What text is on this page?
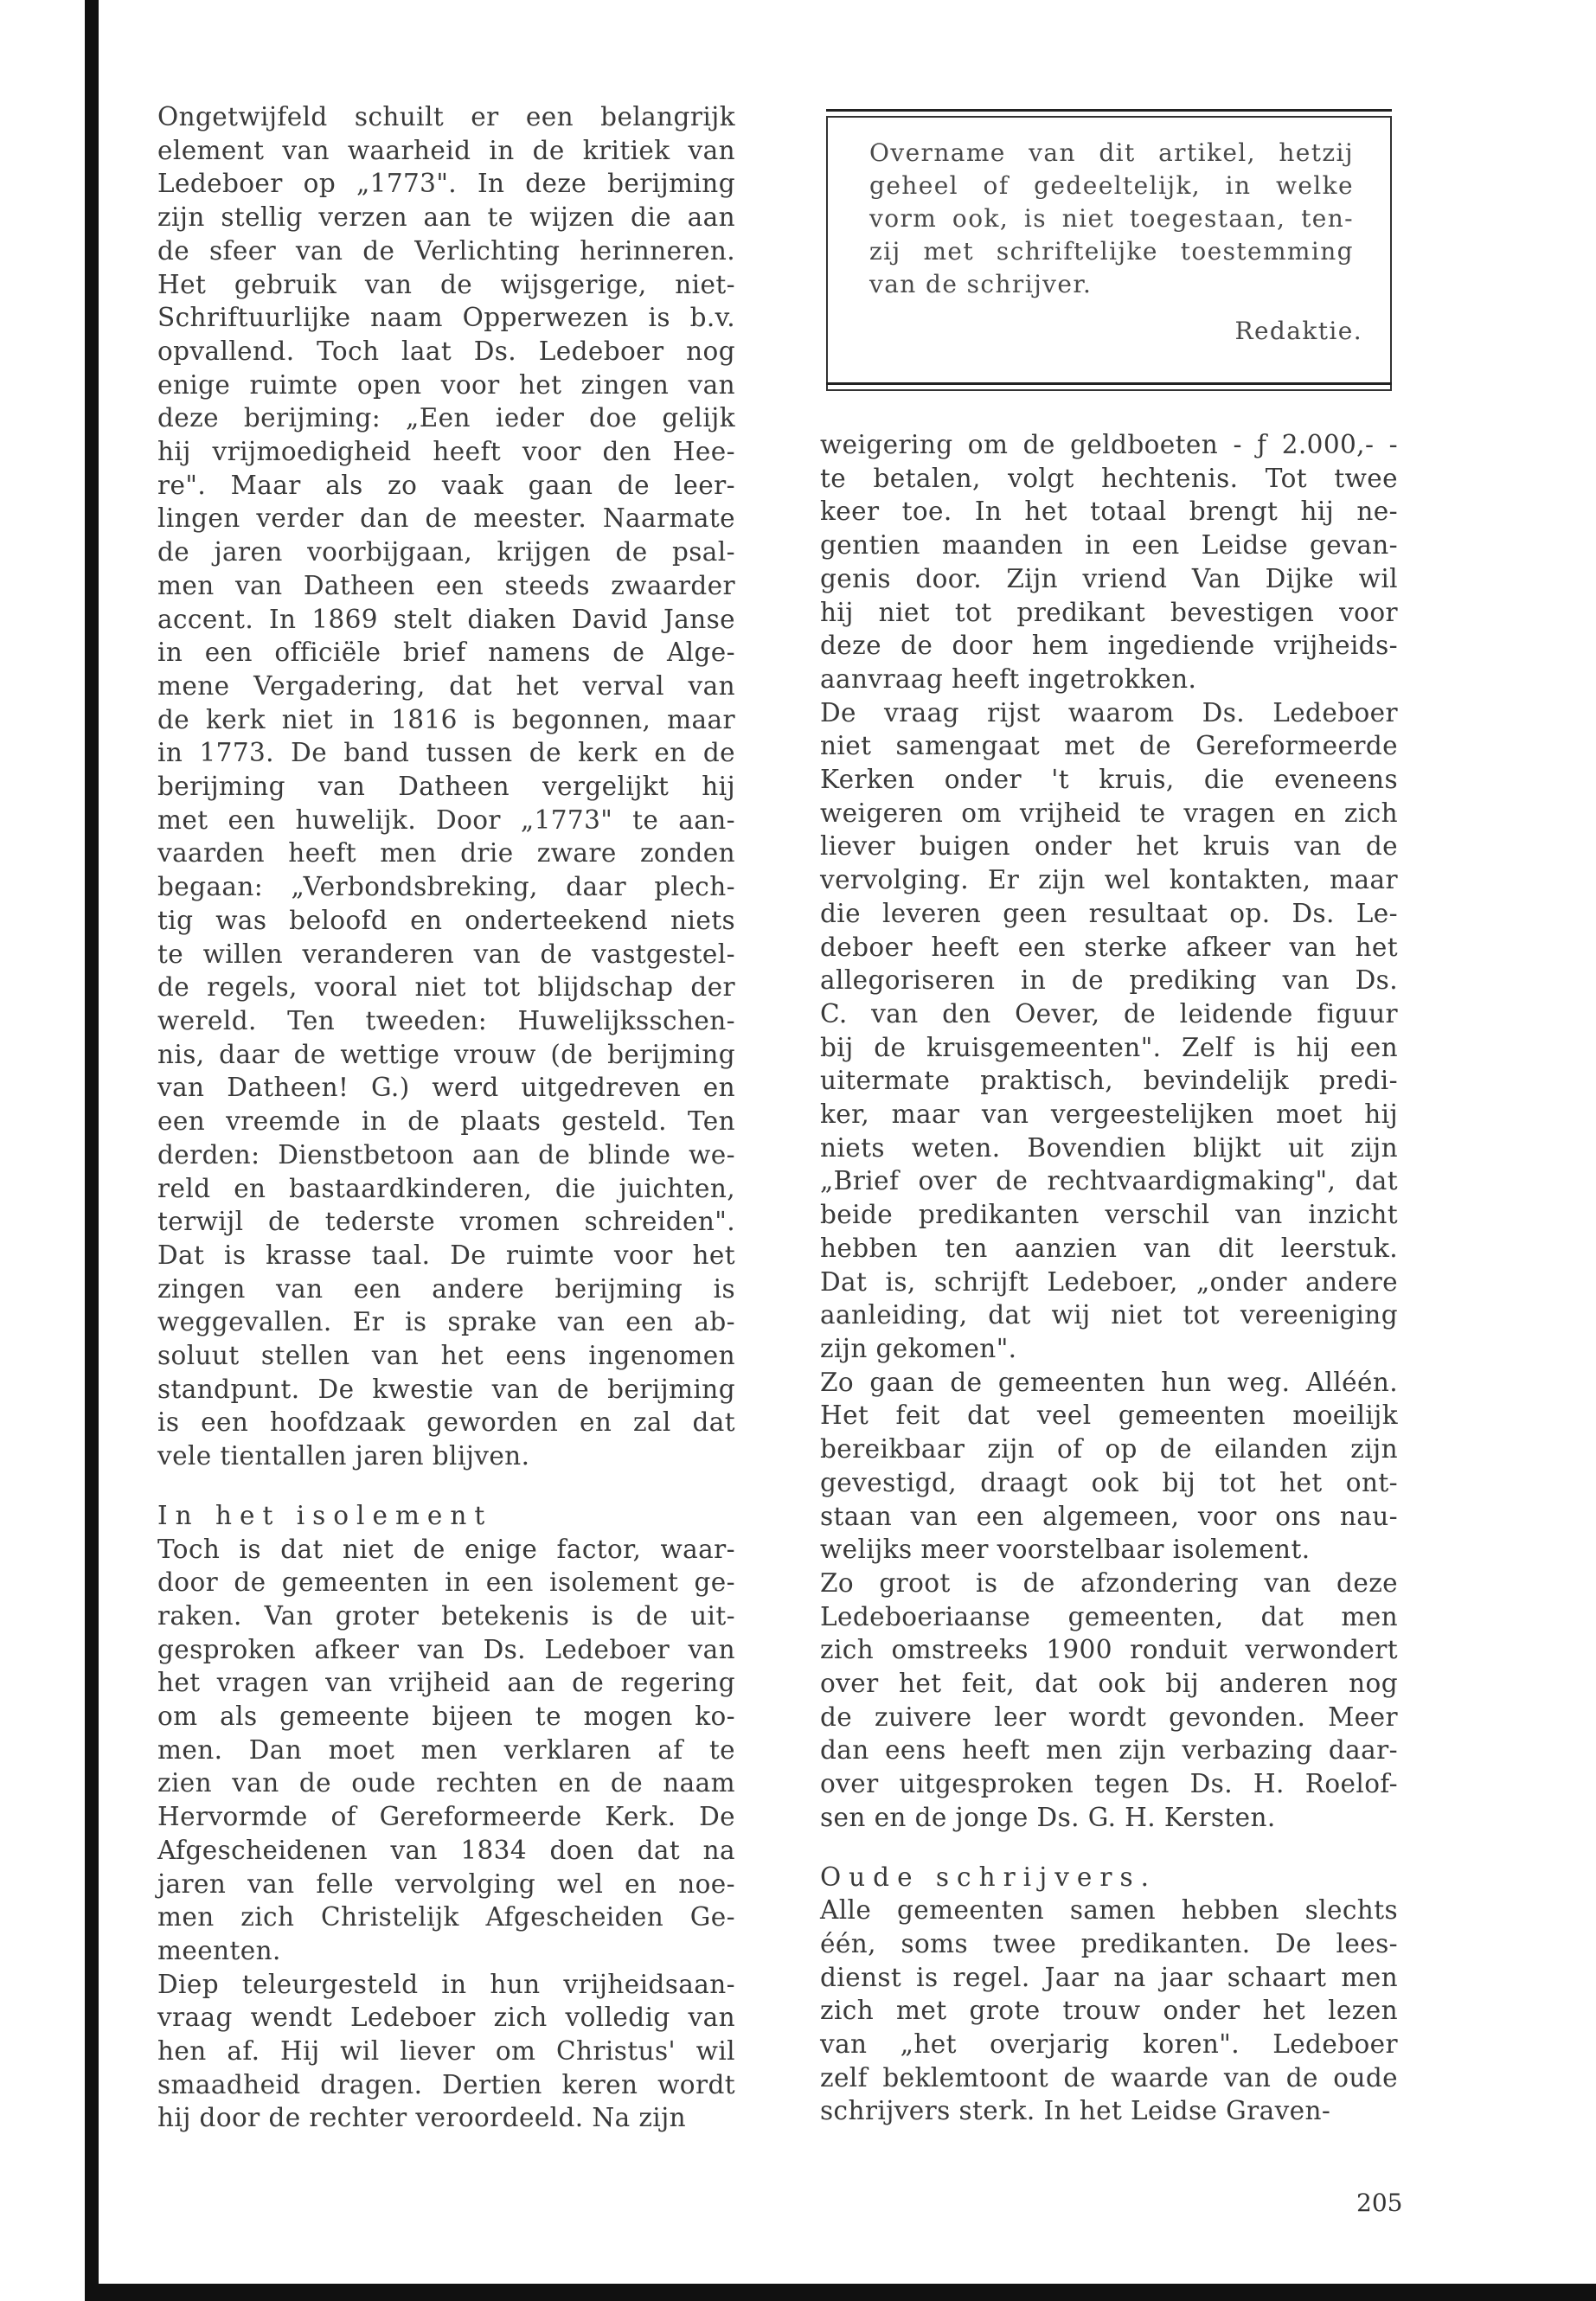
Ongetwijfeld schuilt er een belangrijk
element van waarheid in de kritiek van
Ledeboer op „1773". In deze berijming
zijn stellig verzen aan te wijzen die aan
de sfeer van de Verlichting herinneren.
Het gebruik van de wijsgerige, niet-
Schriftuurlijke naam Opperwezen is b.v.
opvallend. Toch laat Ds. Ledeboer nog
enige ruimte open voor het zingen van
deze berijming: „Een ieder doe gelijk
hij vrijmoedigheid heeft voor den Hee-
re". Maar als zo vaak gaan de leer-
lingen verder dan de meester. Naarmate
de jaren voorbijgaan, krijgen de psal-
men van Datheen een steeds zwaarder
accent. In 1869 stelt diaken David Janse
in een officiële brief namens de Alge-
mene Vergadering, dat het verval van
de kerk niet in 1816 is begonnen, maar
in 1773. De band tussen de kerk en de
berijming van Datheen vergelijkt hij
met een huwelijk. Door „1773" te aan-
vaarden heeft men drie zware zonden
begaan: „Verbondsbreking, daar plech-
tig was beloofd en onderteekend niets
te willen veranderen van de vastgestel-
de regels, vooral niet tot blijdschap der
wereld. Ten tweeden: Huwelijksschen-
nis, daar de wettige vrouw (de berijming
van Datheen! G.) werd uitgedreven en
een vreemde in de plaats gesteld. Ten
derden: Dienstbetoon aan de blinde we-
reld en bastaardkinderen, die juichten,
terwijl de tederste vromen schreiden".
Dat is krasse taal. De ruimte voor het
zingen van een andere berijming is
weggevallen. Er is sprake van een ab-
soluut stellen van het eens ingenomen
standpunt. De kwestie van de berijming
is een hoofdzaak geworden en zal dat
vele tientallen jaren blijven.
In het isolement
Toch is dat niet de enige factor, waar-
door de gemeenten in een isolement ge-
raken. Van groter betekenis is de uit-
gesproken afkeer van Ds. Ledeboer van
het vragen van vrijheid aan de regering
om als gemeente bijeen te mogen ko-
men. Dan moet men verklaren af te
zien van de oude rechten en de naam
Hervormde of Gereformeerde Kerk. De
Afgescheidenen van 1834 doen dat na
jaren van felle vervolging wel en noe-
men zich Christelijk Afgescheiden Ge-
meenten.
Diep teleurgesteld in hun vrijheidsaan-
vraag wendt Ledeboer zich volledig van
hen af. Hij wil liever om Christus' wil
smaadheid dragen. Dertien keren wordt
hij door de rechter veroordeeld. Na zijn
Overname van dit artikel, hetzij
geheel of gedeeltelijk, in welke
vorm ook, is niet toegestaan, ten-
zij met schriftelijke toestemming
van de schrijver.
Redaktie.
weigering om de geldboeten - ƒ 2.000,- -
te betalen, volgt hechtenis. Tot twee
keer toe. In het totaal brengt hij ne-
gentien maanden in een Leidse gevan-
genis door. Zijn vriend Van Dijke wil
hij niet tot predikant bevestigen voor
deze de door hem ingediende vrijheids-
aanvraag heeft ingetrokken.
De vraag rijst waarom Ds. Ledeboer
niet samengaat met de Gereformeerde
Kerken onder 't kruis, die eveneens
weigeren om vrijheid te vragen en zich
liever buigen onder het kruis van de
vervolging. Er zijn wel kontakten, maar
die leveren geen resultaat op. Ds. Le-
deboer heeft een sterke afkeer van het
allegoriseren in de prediking van Ds.
C. van den Oever, de leidende figuur
bij de kruisgemeenten". Zelf is hij een
uitermate praktisch, bevindelijk predi-
ker, maar van vergeestelijken moet hij
niets weten. Bovendien blijkt uit zijn
„Brief over de rechtvaardigmaking", dat
beide predikanten verschil van inzicht
hebben ten aanzien van dit leerstuk.
Dat is, schrijft Ledeboer, „onder andere
aanleiding, dat wij niet tot vereeniging
zijn gekomen".
Zo gaan de gemeenten hun weg. Alléén.
Het feit dat veel gemeenten moeilijk
bereikbaar zijn of op de eilanden zijn
gevestigd, draagt ook bij tot het ont-
staan van een algemeen, voor ons nau-
welijks meer voorstelbaar isolement.
Zo groot is de afzondering van deze
Ledeboeriaanse gemeenten, dat men
zich omstreeks 1900 ronduit verwondert
over het feit, dat ook bij anderen nog
de zuivere leer wordt gevonden. Meer
dan eens heeft men zijn verbazing daar-
over uitgesproken tegen Ds. H. Roelof-
sen en de jonge Ds. G. H. Kersten.
Oude schrijvers.
Alle gemeenten samen hebben slechts
één, soms twee predikanten. De lees-
dienst is regel. Jaar na jaar schaart men
zich met grote trouw onder het lezen
van „het overjarig koren". Ledeboer
zelf beklemtoont de waarde van de oude
schrijvers sterk. In het Leidse Graven-
205
